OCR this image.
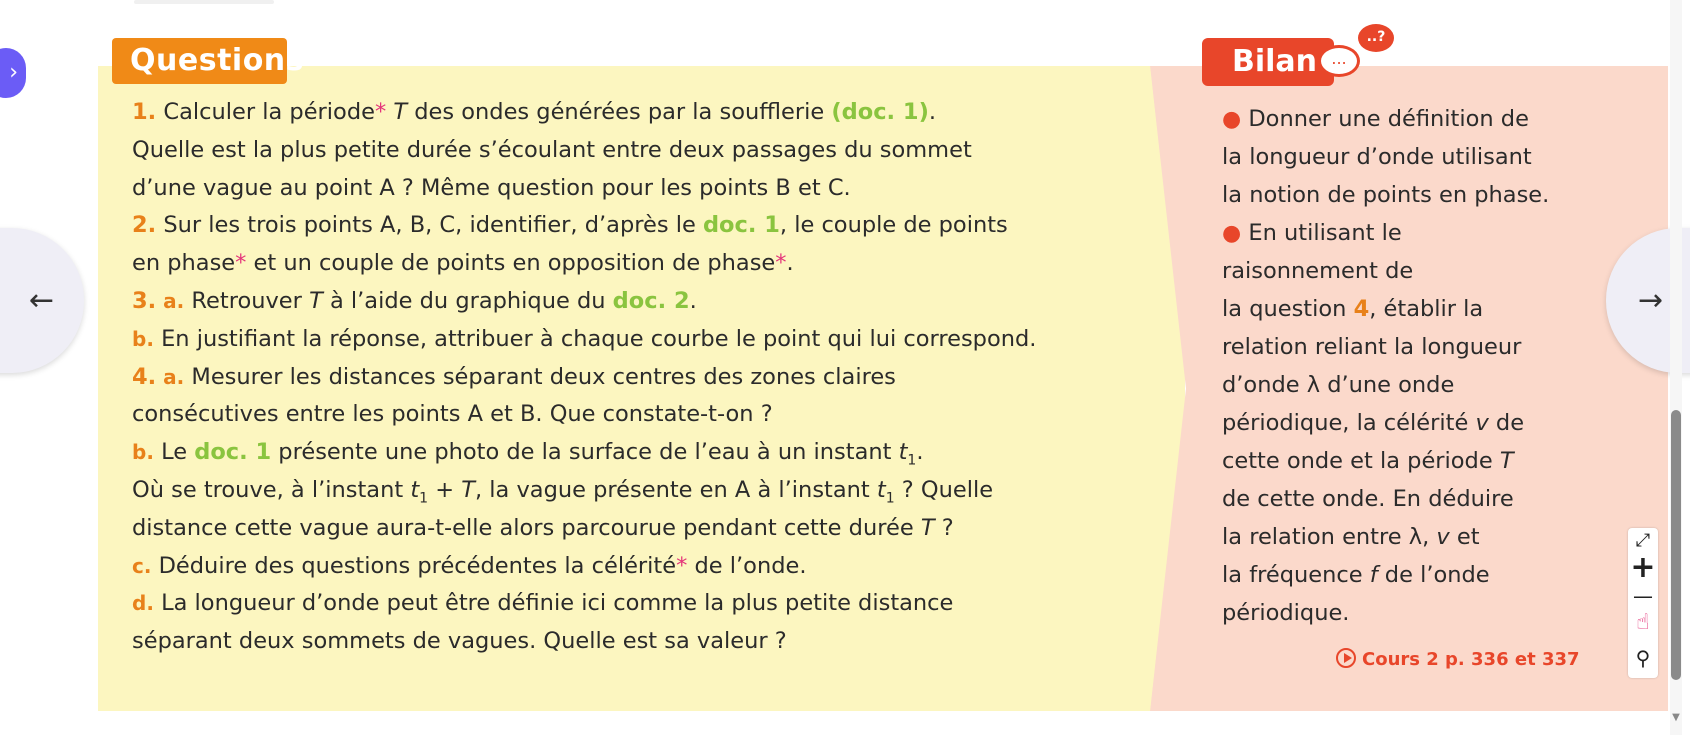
Questions
1. Calculer la période* T des ondes générées par la soufflerie (doc. 1).
Quelle est la plus petite durée s’écoulant entre deux passages du sommet
d’une vague au point A ? Même question pour les points B et C.
2. Sur les trois points A, B, C, identifier, d’après le doc. 1, le couple de points
en phase* et un couple de points en opposition de phase*.
3. a. Retrouver T à l’aide du graphique du doc. 2.
b. En justifiant la réponse, attribuer à chaque courbe le point qui lui correspond.
4. a. Mesurer les distances séparant deux centres des zones claires
consécutives entre les points A et B. Que constate-t-on ?
b. Le doc. 1 présente une photo de la surface de l’eau à un instant $t_1$.
Où se trouve, à l’instant $t_1 + T$, la vague présente en A à l’instant $t_1$ ? Quelle
distance cette vague aura-t-elle alors parcourue pendant cette durée T ?
c. Déduire des questions précédentes la célérité* de l’onde.
d. La longueur d’onde peut être définie ici comme la plus petite distance
séparant deux sommets de vagues. Quelle est sa valeur ?
Bilan ...
..?
● Donner une définition de
la longueur d’onde utilisant
la notion de points en phase.
● En utilisant le
raisonnement de
la question 4, établir la
relation reliant la longueur
d’onde λ d’une onde
périodique, la célérité v de
cette onde et la période T
de cette onde. En déduire
la relation entre λ, v et
la fréquence f de l’onde
périodique.
Cours 2 p. 336 et 337
›
←	→
⤢
+
—
☝
⚲
▼
